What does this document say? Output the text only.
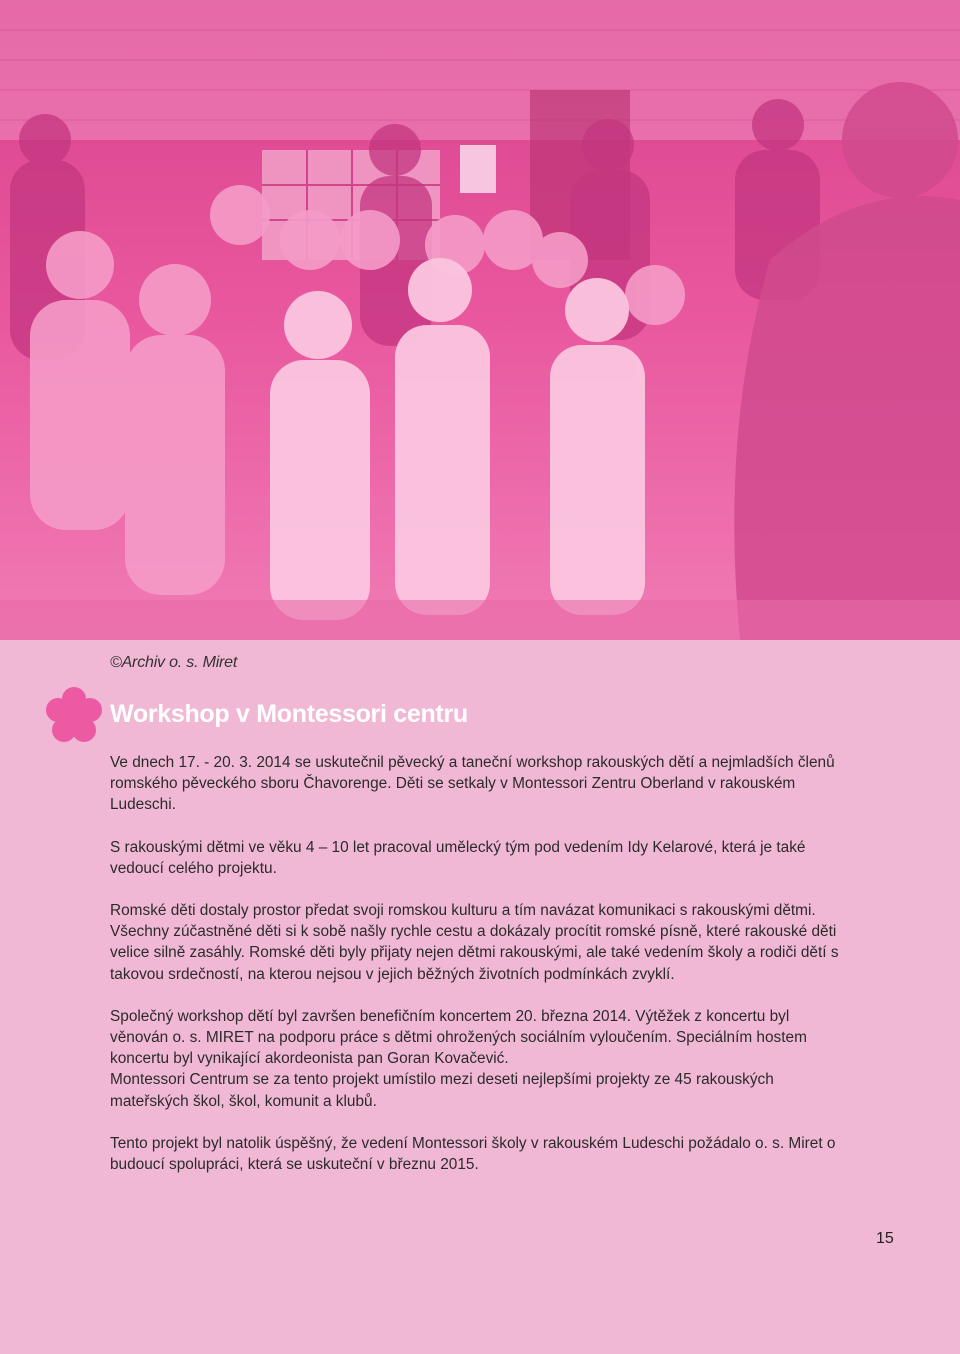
©Archiv o. s. Miret
Workshop v Montessori centru

Ve dnech 17. - 20. 3. 2014 se uskutečnil pěvecký a taneční workshop rakouských dětí a nejmladších členů romského pěveckého sboru Čhavorenge. Děti se setkaly v Montessori Zentru Oberland v rakouském Ludeschi.

S rakouskými dětmi ve věku 4 – 10 let pracoval umělecký tým pod vedením Idy Kelarové, která je také vedoucí celého projektu.

Romské děti dostaly prostor předat svoji romskou kulturu a tím navázat komunikaci s rakouskými dětmi. Všechny zúčastněné děti si k sobě našly rychle cestu a dokázaly procítit romské písně, které rakouské děti velice silně zasáhly. Romské děti byly přijaty nejen dětmi rakouskými, ale také vedením školy a rodiči dětí s takovou srdečností, na kterou nejsou v jejich běžných životních podmínkách zvyklí.

Společný workshop dětí byl završen benefičním koncertem 20. března 2014. Výtěžek z koncertu byl věnován o. s. MIRET na podporu práce s dětmi ohrožených sociálním vyloučením. Speciálním hostem koncertu byl vynikající akordeonista pan Goran Kovačević.

Montessori Centrum se za tento projekt umístilo mezi deseti nejlepšími projekty ze 45 rakouských mateřských škol, škol, komunit a klubů.

Tento projekt byl natolik úspěšný, že vedení Montessori školy v rakouském Ludeschi požádalo o. s. Miret o budoucí spolupráci, která se uskuteční v březnu 2015.

15
